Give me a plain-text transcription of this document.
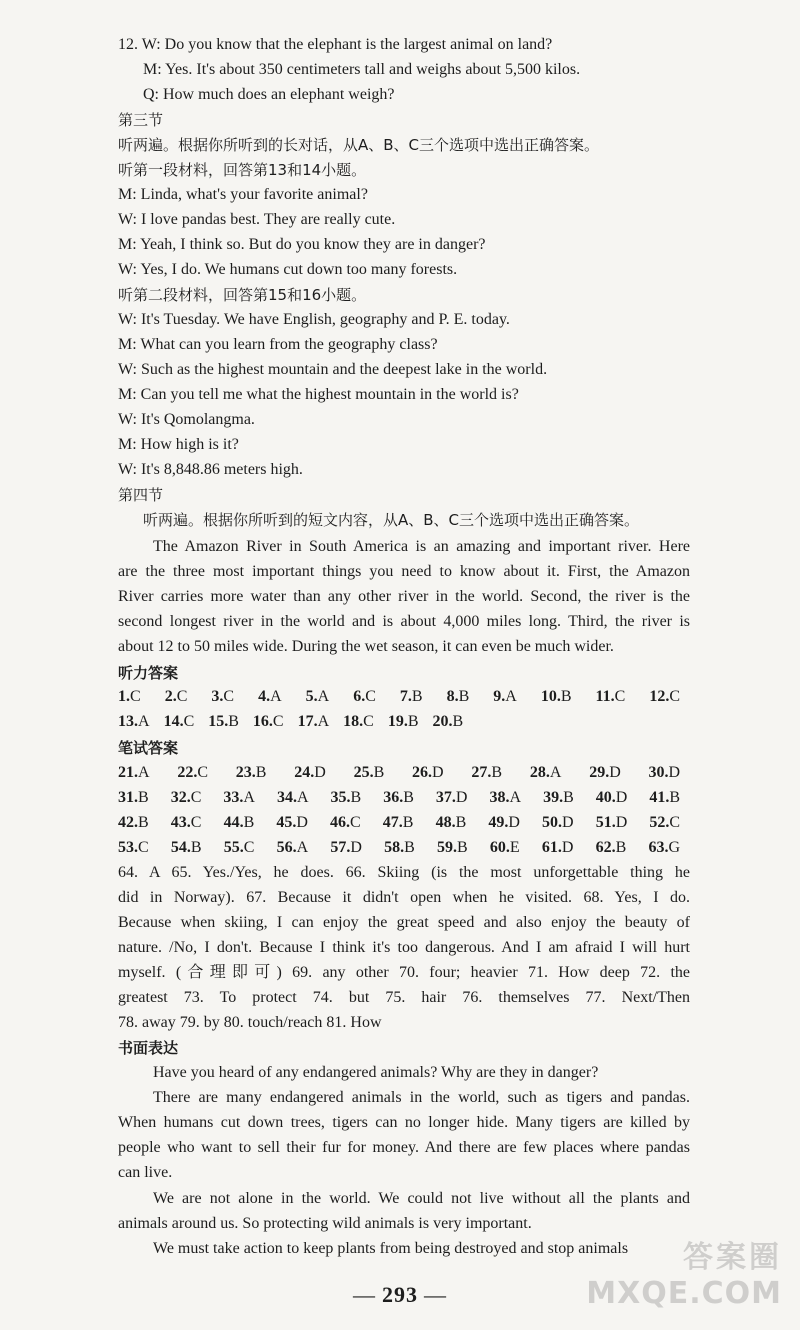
12. W: Do you know that the elephant is the largest animal on land?
M: Yes. It's about 350 centimeters tall and weighs about 5,500 kilos.
Q: How much does an elephant weigh?
第三节
听两遍。根据你所听到的长对话，从A、B、C三个选项中选出正确答案。
听第一段材料，回答第13和14小题。
M: Linda, what's your favorite animal?
W: I love pandas best. They are really cute.
M: Yeah, I think so. But do you know they are in danger?
W: Yes, I do. We humans cut down too many forests.
听第二段材料，回答第15和16小题。
W: It's Tuesday. We have English, geography and P. E. today.
M: What can you learn from the geography class?
W: Such as the highest mountain and the deepest lake in the world.
M: Can you tell me what the highest mountain in the world is?
W: It's Qomolangma.
M: How high is it?
W: It's 8,848.86 meters high.
第四节
听两遍。根据你所听到的短文内容，从A、B、C三个选项中选出正确答案。
The Amazon River in South America is an amazing and important river. Here
are the three most important things you need to know about it. First, the Amazon
River carries more water than any other river in the world. Second, the river is the
second longest river in the world and is about 4,000 miles long. Third, the river is
about 12 to 50 miles wide. During the wet season, it can even be much wider.
听力答案
1.C 2.C 3.C 4.A 5.A 6.C 7.B 8.B 9.A 10.B 11.C 12.C
13.A 14.C 15.B 16.C 17.A 18.C 19.B 20.B
笔试答案
21.A 22.C 23.B 24.D 25.B 26.D 27.B 28.A 29.D 30.D
31.B 32.C 33.A 34.A 35.B 36.B 37.D 38.A 39.B 40.D 41.B
42.B 43.C 44.B 45.D 46.C 47.B 48.B 49.D 50.D 51.D 52.C
53.C 54.B 55.C 56.A 57.D 58.B 59.B 60.E 61.D 62.B 63.G
64. A 65. Yes./Yes, he does. 66. Skiing (is the most unforgettable thing he
did in Norway). 67. Because it didn't open when he visited. 68. Yes, I do.
Because when skiing, I can enjoy the great speed and also enjoy the beauty of
nature. /No, I don't. Because I think it's too dangerous. And I am afraid I will hurt
myself. (合理即可) 69. any other 70. four; heavier 71. How deep 72. the
greatest 73. To protect 74. but 75. hair 76. themselves 77. Next/Then
78. away 79. by 80. touch/reach 81. How
书面表达
Have you heard of any endangered animals? Why are they in danger?
There are many endangered animals in the world, such as tigers and pandas.
When humans cut down trees, tigers can no longer hide. Many tigers are killed by
people who want to sell their fur for money. And there are few places where pandas
can live.
We are not alone in the world. We could not live without all the plants and
animals around us. So protecting wild animals is very important.
We must take action to keep plants from being destroyed and stop animals
— 293 —
答案圈
MXQE.COM
